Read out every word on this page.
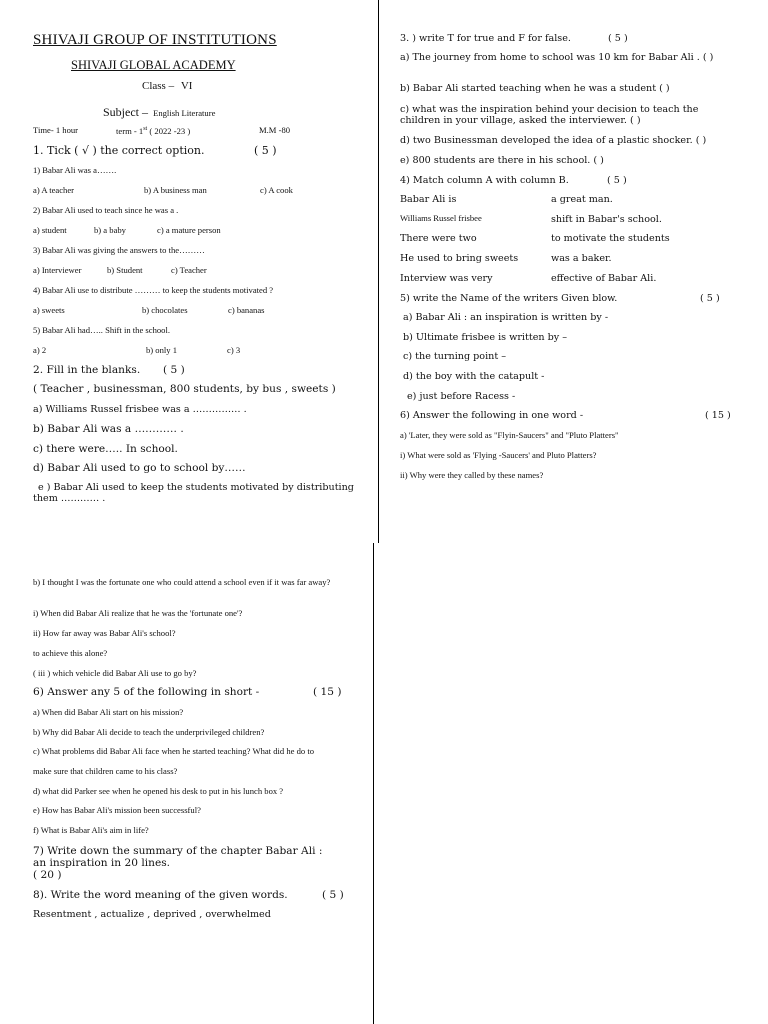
SHIVAJI GROUP OF INSTITUTIONS
SHIVAJI GLOBAL ACADEMY
Class – VI
Subject – English Literature
Time- 1 hour	term - 1st ( 2022 -23 )	M.M -80
1. Tick ( √ ) the correct option.	( 5 )
1) Babar Ali was a…….
a) A teacher	b) A business man	c) A cook
2) Babar Ali used to teach since he was a .
a) student	b) a baby	c) a mature person
3) Babar Ali was giving the answers to the………
a) Interviewer	b) Student	c) Teacher
4) Babar Ali use to distribute ……… to keep the students motivated ?
a) sweets	b) chocolates	c) bananas
5) Babar Ali had….. Shift in the school.
a) 2	b) only 1	c) 3
2. Fill in the blanks. ( 5 )
( Teacher , businessman, 800 students, by bus , sweets )
a) Williams Russel frisbee was a …………… .
b) Babar Ali was a ………… .
c) there were….. In school.
d) Babar Ali used to go to school by……
e ) Babar Ali used to keep the students motivated by distributing them ………… .
3. ) write T for true and F for false.	( 5 )
a) The journey from home to school was 10 km for Babar Ali . ( )
b) Babar Ali started teaching when he was a student ( )
c) what was the inspiration behind your decision to teach the children in your village, asked the interviewer. ( )
d) two Businessman developed the idea of a plastic shocker. ( )
e) 800 students are there in his school. ( )
4) Match column A with column B.	( 5 )
Babar Ali is	a great man.
Williams Russel frisbee	shift in Babar's school.
There were two	to motivate the students
He used to bring sweets	was a baker.
Interview was very	effective of Babar Ali.
5) write the Name of the writers Given blow.	( 5 )
a) Babar Ali : an inspiration is written by -
b) Ultimate frisbee is written by –
c) the turning point –
d) the boy with the catapult -
e) just before Racess -
6) Answer the following in one word -	( 15 )
a) 'Later, they were sold as "Flyin-Saucers" and "Pluto Platters"
i) What were sold as 'Flying -Saucers' and Pluto Platters?
ii) Why were they called by these names?
b) I thought I was the fortunate one who could attend a school even if it was far away?
i) When did Babar Ali realize that he was the 'fortunate one'?
ii) How far away was Babar Ali's school?
to achieve this alone?
( iii ) which vehicle did Babar Ali use to go by?
6) Answer any 5 of the following in short -	( 15 )
a) When did Babar Ali start on his mission?
b) Why did Babar Ali decide to teach the underprivileged children?
c) What problems did Babar Ali face when he started teaching? What did he do to
make sure that children came to his class?
d) what did Parker see when he opened his desk to put in his lunch box ?
e) How has Babar Ali's mission been successful?
f) What is Babar Ali's aim in life?
7) Write down the summary of the chapter Babar Ali : an inspiration in 20 lines.
( 20 )
8). Write the word meaning of the given words.	( 5 )
Resentment , actualize , deprived , overwhelmed
